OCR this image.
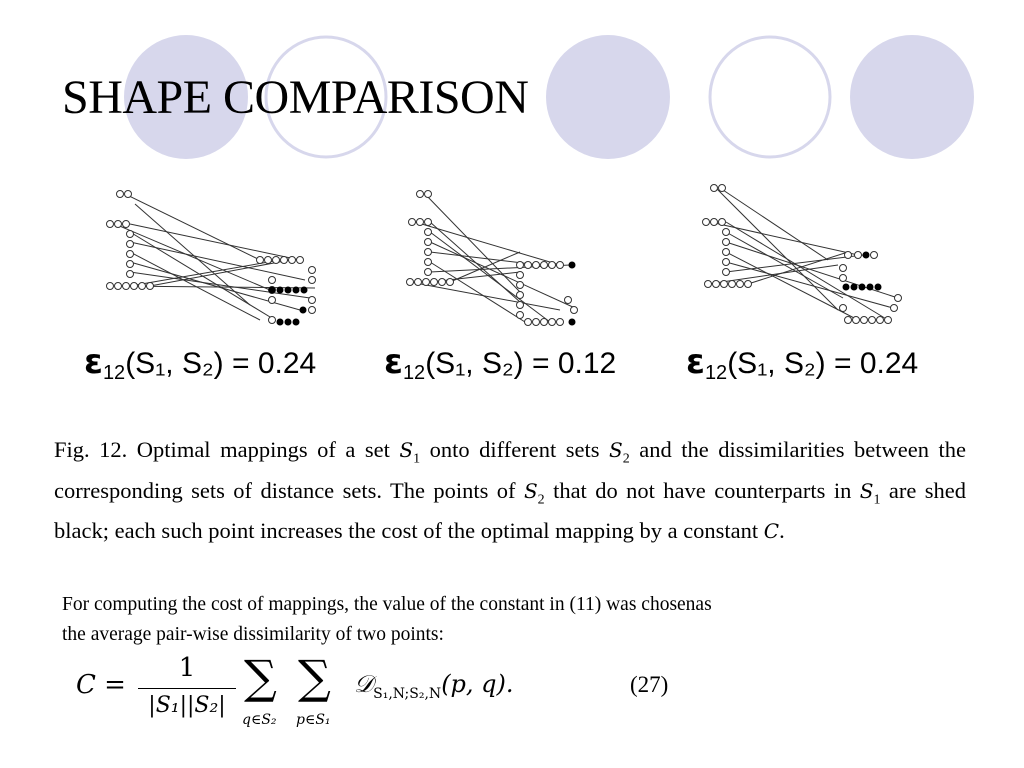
SHAPE COMPARISON
$\varepsilon_{12}(S_1$, S₂) = 0.24 $\varepsilon_{12}(S_1$, S₂) = 0.12 $\varepsilon_{12}(S_1$, S₂) = 0.24
Fig. 12. Optimal mappings of a set $S_1$ onto different sets $S_2$ and the dissimilarities between the corresponding sets of distance sets. The points of $S_2$ that do not have counterparts in $S_1$ are shed black; each such point increases the cost of the optimal mapping by a constant C.
For computing the cost of mappings, the value of the constant in (11) was chosenas
the average pair-wise dissimilarity of two points:
C =
1
|S₁||S₂|
∑
q∈S₂
∑
p∈S₁
𝒟$_{S_1,N;S_2,N}$(p, q).	(27)
